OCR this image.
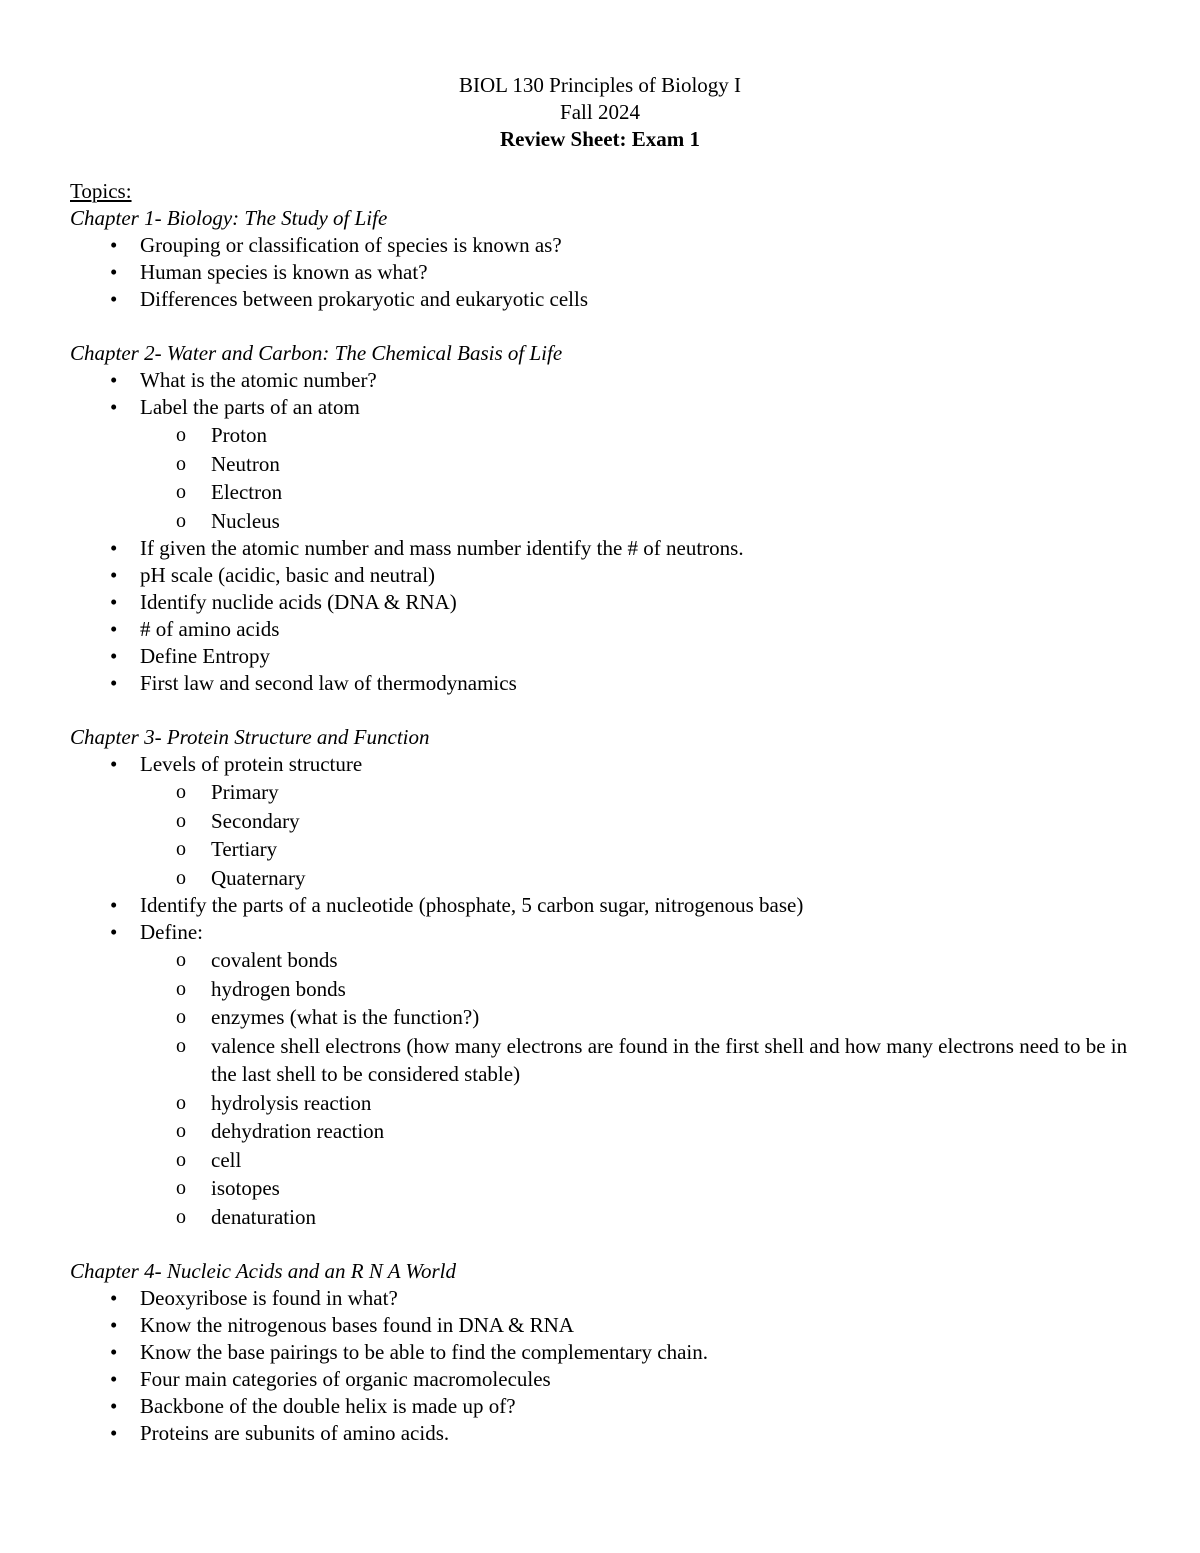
BIOL 130 Principles of Biology I
Fall 2024
Review Sheet: Exam 1
Topics:
Chapter 1- Biology: The Study of Life
•	Grouping or classification of species is known as?
•	Human species is known as what?
•	Differences between prokaryotic and eukaryotic cells
Chapter 2- Water and Carbon: The Chemical Basis of Life
•	What is the atomic number?
•	Label the parts of an atom
o Proton
o Neutron
o Electron
o Nucleus
•	If given the atomic number and mass number identify the # of neutrons.
•	pH scale (acidic, basic and neutral)
•	Identify nuclide acids (DNA & RNA)
•	# of amino acids
•	Define Entropy
•	First law and second law of thermodynamics
Chapter 3- Protein Structure and Function
•	Levels of protein structure
o Primary
o Secondary
o Tertiary
o Quaternary
•	Identify the parts of a nucleotide (phosphate, 5 carbon sugar, nitrogenous base)
•	Define:
o covalent bonds
o hydrogen bonds
o enzymes (what is the function?)
o valence shell electrons (how many electrons are found in the first shell and how many electrons need to be in the last shell to be considered stable)
o hydrolysis reaction
o dehydration reaction
o cell
o isotopes
o denaturation
Chapter 4- Nucleic Acids and an R N A World
•	Deoxyribose is found in what?
•	Know the nitrogenous bases found in DNA & RNA
•	Know the base pairings to be able to find the complementary chain.
•	Four main categories of organic macromolecules
•	Backbone of the double helix is made up of?
•	Proteins are subunits of amino acids.
